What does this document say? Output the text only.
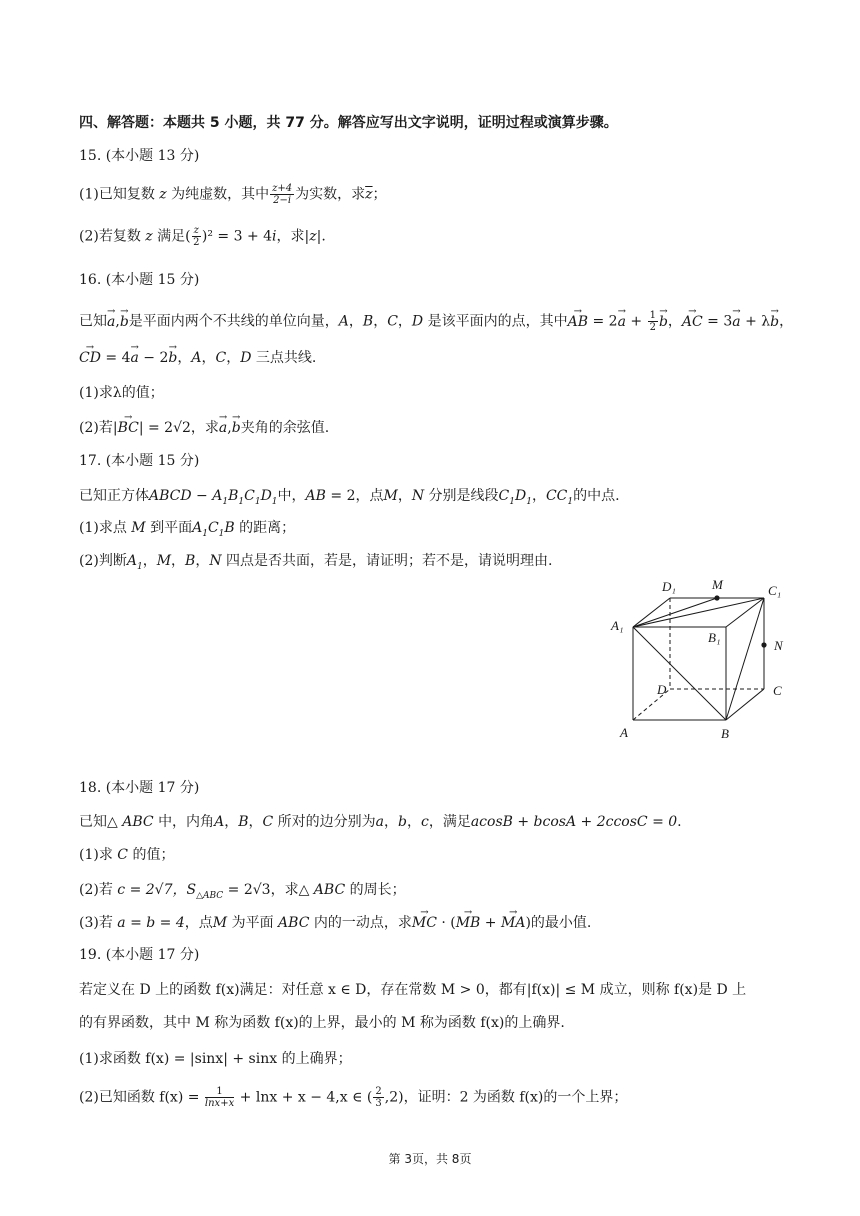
四、解答题：本题共 5 小题，共 77 分。解答应写出文字说明，证明过程或演算步骤。
15. (本小题 13 分)
(1)已知复数 z 为纯虚数，其中 $\frac{z+4}{2-i}$ 为实数，求$\overline{z}$；
(2)若复数 z 满足( $\frac{z}{2} )^2 = 3 + 4i$，求|z|.
16. (本小题 15 分)
已知→ a,→ b是平面内两个不共线的单位向量，A，B，C，D 是该平面内的点，其中→ AB = $2\to a + \frac{1}{2} \to b$，→ AC = 3→ a + λ→ b，
→ CD = 4→ a − 2→ b，A，C，D 三点共线.
(1)求λ的值；
(2)若|→ BC| = 2√2，求→ a,→ b夹角的余弦值.
17. (本小题 15 分)
已知正方体ABCD − $A_1B_1C_1D_1$中，AB = 2，点M，N 分别是线段$C_1D_1$，$CC_1$的中点.
(1)求点 M 到平面$A_1C_1B$ 的距离；
(2)判断$A_1$，M，B，N 四点是否共面，若是，请证明；若不是，请说明理由.
D₁	M	C₁
A₁
B₁
N
D	C
A	B
18. (本小题 17 分)
已知△ ABC 中，内角A，B，C 所对的边分别为a，b，c，满足acosB + bcosA + 2ccosC = 0.
(1)求 C 的值；
(2)若 c = 2√7，$S_{\triangle ABC} = 2√3$，求△ ABC 的周长；
(3)若 a = b = 4，点M 为平面 ABC 内的一动点，求→ MC · (→ MB + → MA)的最小值.
19. (本小题 17 分)
若定义在 D 上的函数 f(x)满足：对任意 x ∈ D，存在常数 M > 0，都有|f(x)| ≤ M 成立，则称 f(x)是 D 上
的有界函数，其中 M 称为函数 f(x)的上界，最小的 M 称为函数 f(x)的上确界.
(1)求函数 f(x) = |sinx| + sinx 的上确界；
(2)已知函数 $f(x) = \frac{1}{\ln x+x} + \ln x + x - 4,x$ ∈ ( $\frac{2}{3} ,2$)，证明：2 为函数 f(x)的一个上界；
第 3页，共 8页
